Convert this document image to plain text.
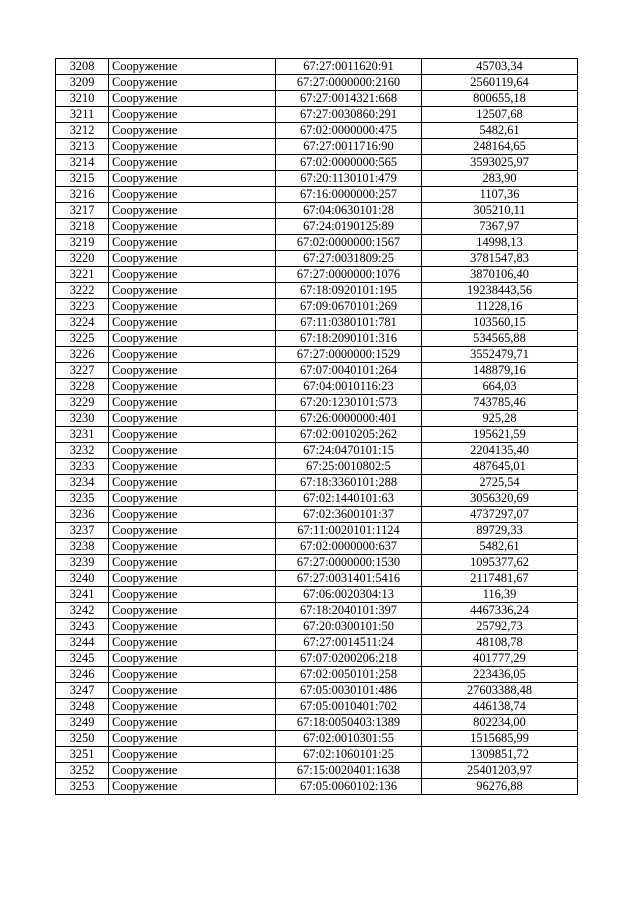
3208	Сооружение	67:27:0011620:91	45703,34
3209	Сооружение	67:27:0000000:2160	2560119,64
3210	Сооружение	67:27:0014321:668	800655,18
3211	Сооружение	67:27:0030860:291	12507,68
3212	Сооружение	67:02:0000000:475	5482,61
3213	Сооружение	67:27:0011716:90	248164,65
3214	Сооружение	67:02:0000000:565	3593025,97
3215	Сооружение	67:20:1130101:479	283,90
3216	Сооружение	67:16:0000000:257	1107,36
3217	Сооружение	67:04:0630101:28	305210,11
3218	Сооружение	67:24:0190125:89	7367,97
3219	Сооружение	67:02:0000000:1567	14998,13
3220	Сооружение	67:27:0031809:25	3781547,83
3221	Сооружение	67:27:0000000:1076	3870106,40
3222	Сооружение	67:18:0920101:195	19238443,56
3223	Сооружение	67:09:0670101:269	11228,16
3224	Сооружение	67:11:0380101:781	103560,15
3225	Сооружение	67:18:2090101:316	534565,88
3226	Сооружение	67:27:0000000:1529	3552479,71
3227	Сооружение	67:07:0040101:264	148879,16
3228	Сооружение	67:04:0010116:23	664,03
3229	Сооружение	67:20:1230101:573	743785,46
3230	Сооружение	67:26:0000000:401	925,28
3231	Сооружение	67:02:0010205:262	195621,59
3232	Сооружение	67:24:0470101:15	2204135,40
3233	Сооружение	67:25:0010802:5	487645,01
3234	Сооружение	67:18:3360101:288	2725,54
3235	Сооружение	67:02:1440101:63	3056320,69
3236	Сооружение	67:02:3600101:37	4737297,07
3237	Сооружение	67:11:0020101:1124	89729,33
3238	Сооружение	67:02:0000000:637	5482,61
3239	Сооружение	67:27:0000000:1530	1095377,62
3240	Сооружение	67:27:0031401:5416	2117481,67
3241	Сооружение	67:06:0020304:13	116,39
3242	Сооружение	67:18:2040101:397	4467336,24
3243	Сооружение	67:20:0300101:50	25792,73
3244	Сооружение	67:27:0014511:24	48108,78
3245	Сооружение	67:07:0200206:218	401777,29
3246	Сооружение	67:02:0050101:258	223436,05
3247	Сооружение	67:05:0030101:486	27603388,48
3248	Сооружение	67:05:0010401:702	446138,74
3249	Сооружение	67:18:0050403:1389	802234,00
3250	Сооружение	67:02:0010301:55	1515685,99
3251	Сооружение	67:02:1060101:25	1309851,72
3252	Сооружение	67:15:0020401:1638	25401203,97
3253	Сооружение	67:05:0060102:136	96276,88
